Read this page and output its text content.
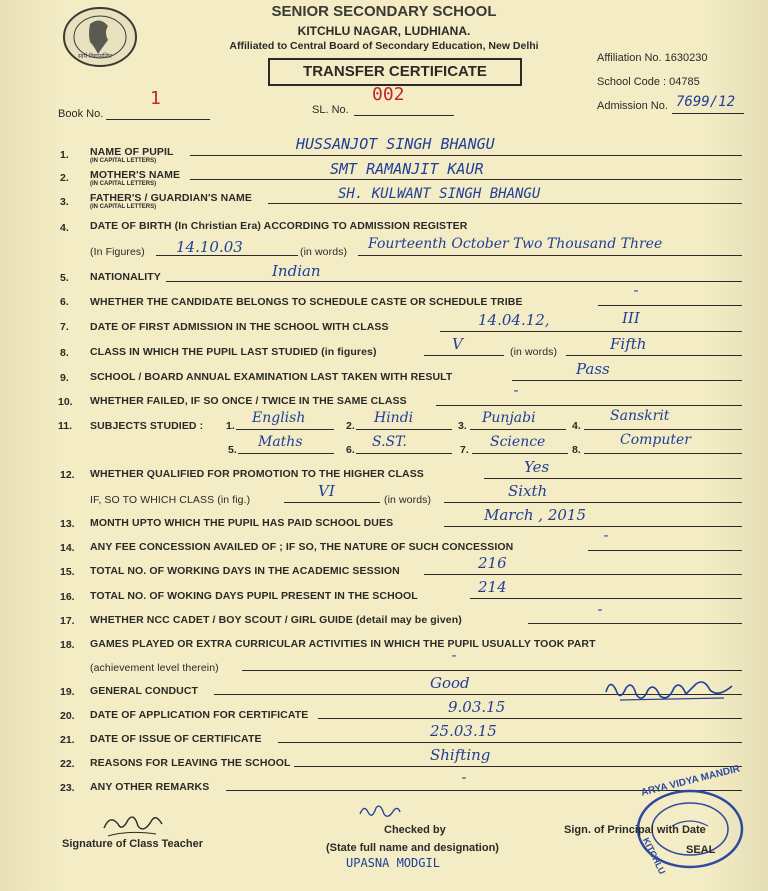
सार्य विद्यामन्दिर
SENIOR SECONDARY SCHOOL
KITCHLU NAGAR, LUDHIANA.
Affiliated to Central Board of Secondary Education, New Delhi
TRANSFER CERTIFICATE
Affiliation No. 1630230
School Code : 04785
Admission No. 7699/12
Book No.
1
SL. No.
002
1. NAME OF PUPIL
(IN CAPITAL LETTERS)
HUSSANJOT SINGH BHANGU
2. MOTHER'S NAME
(IN CAPITAL LETTERS)
SMT RAMANJIT KAUR
3. FATHER'S / GUARDIAN'S NAME
(IN CAPITAL LETTERS)
SH. KULWANT SINGH BHANGU
4. DATE OF BIRTH (In Christian Era) ACCORDING TO ADMISSION REGISTER
(In Figures) 14.10.03	(in words) Fourteenth October Two Thousand Three
5. NATIONALITY	Indian
6. WHETHER THE CANDIDATE BELONGS TO SCHEDULE CASTE OR SCHEDULE TRIBE
-
7. DATE OF FIRST ADMISSION IN THE SCHOOL WITH CLASS	14.04.12,	III
8. CLASS IN WHICH THE PUPIL LAST STUDIED (in figures)	V	(in words)	Fifth
9. SCHOOL / BOARD ANNUAL EXAMINATION LAST TAKEN WITH RESULT	Pass
10. WHETHER FAILED, IF SO ONCE / TWICE IN THE SAME CLASS
-
11. SUBJECTS STUDIED : 1. English	2. Hindi	3. Punjabi	4.
Sanskrit
5. Maths	6. S.ST.	7. Science	8.
Computer
12. WHETHER QUALIFIED FOR PROMOTION TO THE HIGHER CLASS	Yes
IF, SO TO WHICH CLASS (in fig.)	VI	(in words)	Sixth
13. MONTH UPTO WHICH THE PUPIL HAS PAID SCHOOL DUES	March , 2015
14. ANY FEE CONCESSION AVAILED OF ; IF SO, THE NATURE OF SUCH CONCESSION
-
15. TOTAL NO. OF WORKING DAYS IN THE ACADEMIC SESSION	216
16. TOTAL NO. OF WOKING DAYS PUPIL PRESENT IN THE SCHOOL	214
17. WHETHER NCC CADET / BOY SCOUT / GIRL GUIDE (detail may be given)
-
18. GAMES PLAYED OR EXTRA CURRICULAR ACTIVITIES IN WHICH THE PUPIL USUALLY TOOK PART
(achievement level therein)
-
19. GENERAL CONDUCT	Good
20. DATE OF APPLICATION FOR CERTIFICATE	9.03.15
21. DATE OF ISSUE OF CERTIFICATE	25.03.15
22. REASONS FOR LEAVING THE SCHOOL	Shifting
23. ANY OTHER REMARKS
-	ARYA VIDYA MANDIR
KITCHLU
Signature of Class Teacher
Checked by
(State full name and designation)
UPASNA MODGIL
Sign. of Principal with Date
SEAL
